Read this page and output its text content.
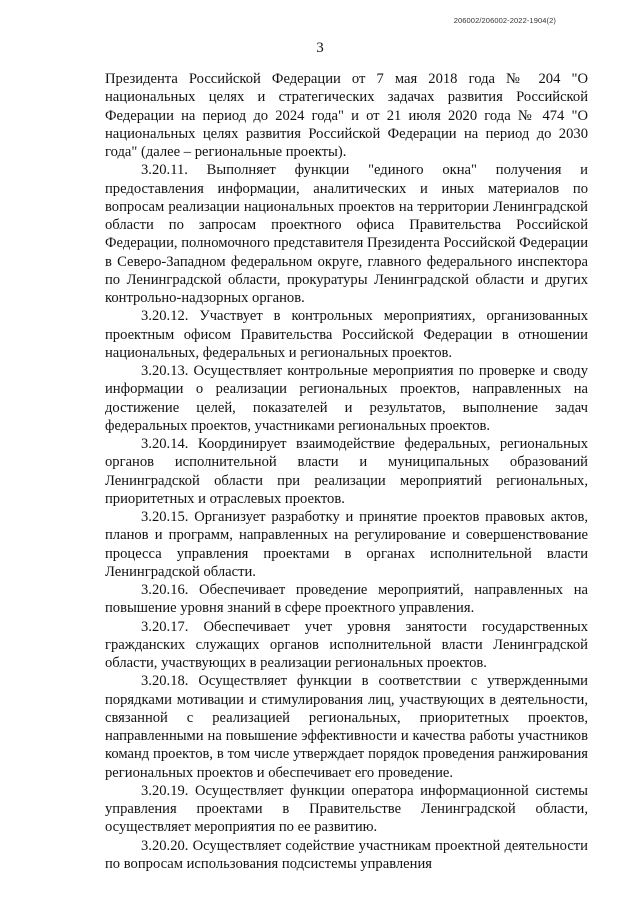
206002/206002-2022-1904(2)
3

Президента Российской Федерации от 7 мая 2018 года № 204 "О национальных целях и стратегических задачах развития Российской Федерации на период до 2024 года" и от 21 июля 2020 года № 474 "О национальных целях развития Российской Федерации на период до 2030 года" (далее – региональные проекты).

3.20.11. Выполняет функции "единого окна" получения и предоставления информации, аналитических и иных материалов по вопросам реализации национальных проектов на территории Ленинградской области по запросам проектного офиса Правительства Российской Федерации, полномочного представителя Президента Российской Федерации в Северо-Западном федеральном округе, главного федерального инспектора по Ленинградской области, прокуратуры Ленинградской области и других контрольно-надзорных органов.

3.20.12. Участвует в контрольных мероприятиях, организованных проектным офисом Правительства Российской Федерации в отношении национальных, федеральных и региональных проектов.

3.20.13. Осуществляет контрольные мероприятия по проверке и своду информации о реализации региональных проектов, направленных на достижение целей, показателей и результатов, выполнение задач федеральных проектов, участниками региональных проектов.

3.20.14. Координирует взаимодействие федеральных, региональных органов исполнительной власти и муниципальных образований Ленинградской области при реализации мероприятий региональных, приоритетных и отраслевых проектов.

3.20.15. Организует разработку и принятие проектов правовых актов, планов и программ, направленных на регулирование и совершенствование процесса управления проектами в органах исполнительной власти Ленинградской области.

3.20.16. Обеспечивает проведение мероприятий, направленных на повышение уровня знаний в сфере проектного управления.

3.20.17. Обеспечивает учет уровня занятости государственных гражданских служащих органов исполнительной власти Ленинградской области, участвующих в реализации региональных проектов.

3.20.18. Осуществляет функции в соответствии с утвержденными порядками мотивации и стимулирования лиц, участвующих в деятельности, связанной с реализацией региональных, приоритетных проектов, направленными на повышение эффективности и качества работы участников команд проектов, в том числе утверждает порядок проведения ранжирования региональных проектов и обеспечивает его проведение.

3.20.19. Осуществляет функции оператора информационной системы управления проектами в Правительстве Ленинградской области, осуществляет мероприятия по ее развитию.

3.20.20. Осуществляет содействие участникам проектной деятельности по вопросам использования подсистемы управления
